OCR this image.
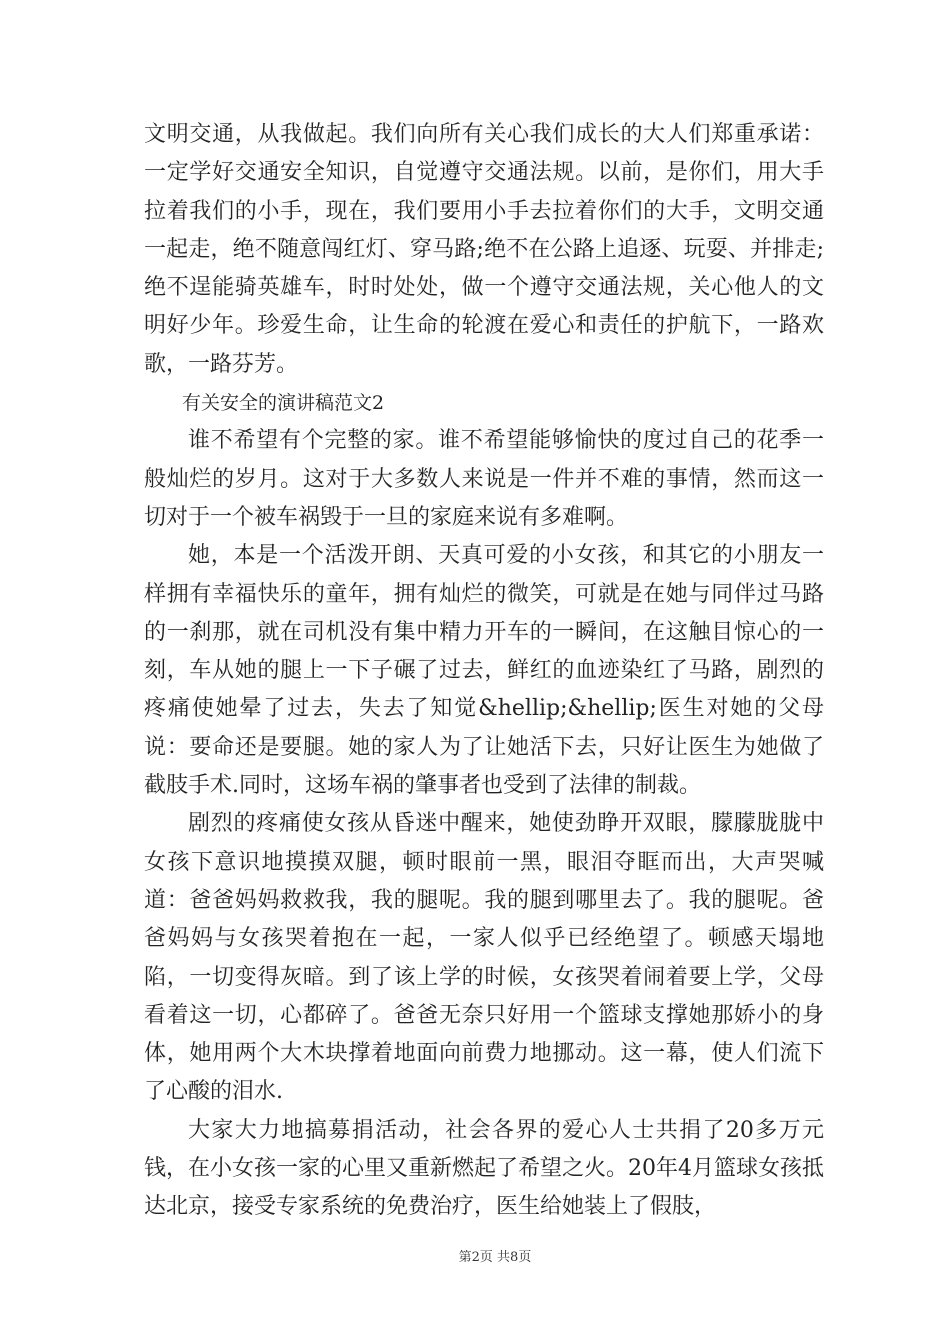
文明交通，从我做起。我们向所有关心我们成长的大人们郑重承诺：一定学好交通安全知识，自觉遵守交通法规。以前，是你们，用大手拉着我们的小手，现在，我们要用小手去拉着你们的大手，文明交通一起走，绝不随意闯红灯、穿马路;绝不在公路上追逐、玩耍、并排走;绝不逞能骑英雄车，时时处处，做一个遵守交通法规，关心他人的文明好少年。珍爱生命，让生命的轮渡在爱心和责任的护航下，一路欢歌，一路芬芳。

有关安全的演讲稿范文2

谁不希望有个完整的家。谁不希望能够愉快的度过自己的花季一般灿烂的岁月。这对于大多数人来说是一件并不难的事情，然而这一切对于一个被车祸毁于一旦的家庭来说有多难啊。

她，本是一个活泼开朗、天真可爱的小女孩，和其它的小朋友一样拥有幸福快乐的童年，拥有灿烂的微笑，可就是在她与同伴过马路的一刹那，就在司机没有集中精力开车的一瞬间，在这触目惊心的一刻，车从她的腿上一下子碾了过去，鲜红的血迹染红了马路，剧烈的疼痛使她晕了过去，失去了知觉&hellip;&hellip;医生对她的父母说：要命还是要腿。她的家人为了让她活下去，只好让医生为她做了截肢手术.同时，这场车祸的肇事者也受到了法律的制裁。

剧烈的疼痛使女孩从昏迷中醒来，她使劲睁开双眼，朦朦胧胧中女孩下意识地摸摸双腿，顿时眼前一黑，眼泪夺眶而出，大声哭喊道：爸爸妈妈救救我，我的腿呢。我的腿到哪里去了。我的腿呢。爸爸妈妈与女孩哭着抱在一起，一家人似乎已经绝望了。顿感天塌地陷，一切变得灰暗。到了该上学的时候，女孩哭着闹着要上学，父母看着这一切，心都碎了。爸爸无奈只好用一个篮球支撑她那娇小的身体，她用两个大木块撑着地面向前费力地挪动。这一幕，使人们流下了心酸的泪水.

大家大力地搞募捐活动，社会各界的爱心人士共捐了20多万元钱，在小女孩一家的心里又重新燃起了希望之火。20年4月篮球女孩抵达北京，接受专家系统的免费治疗，医生给她装上了假肢，

第2页 共8页
